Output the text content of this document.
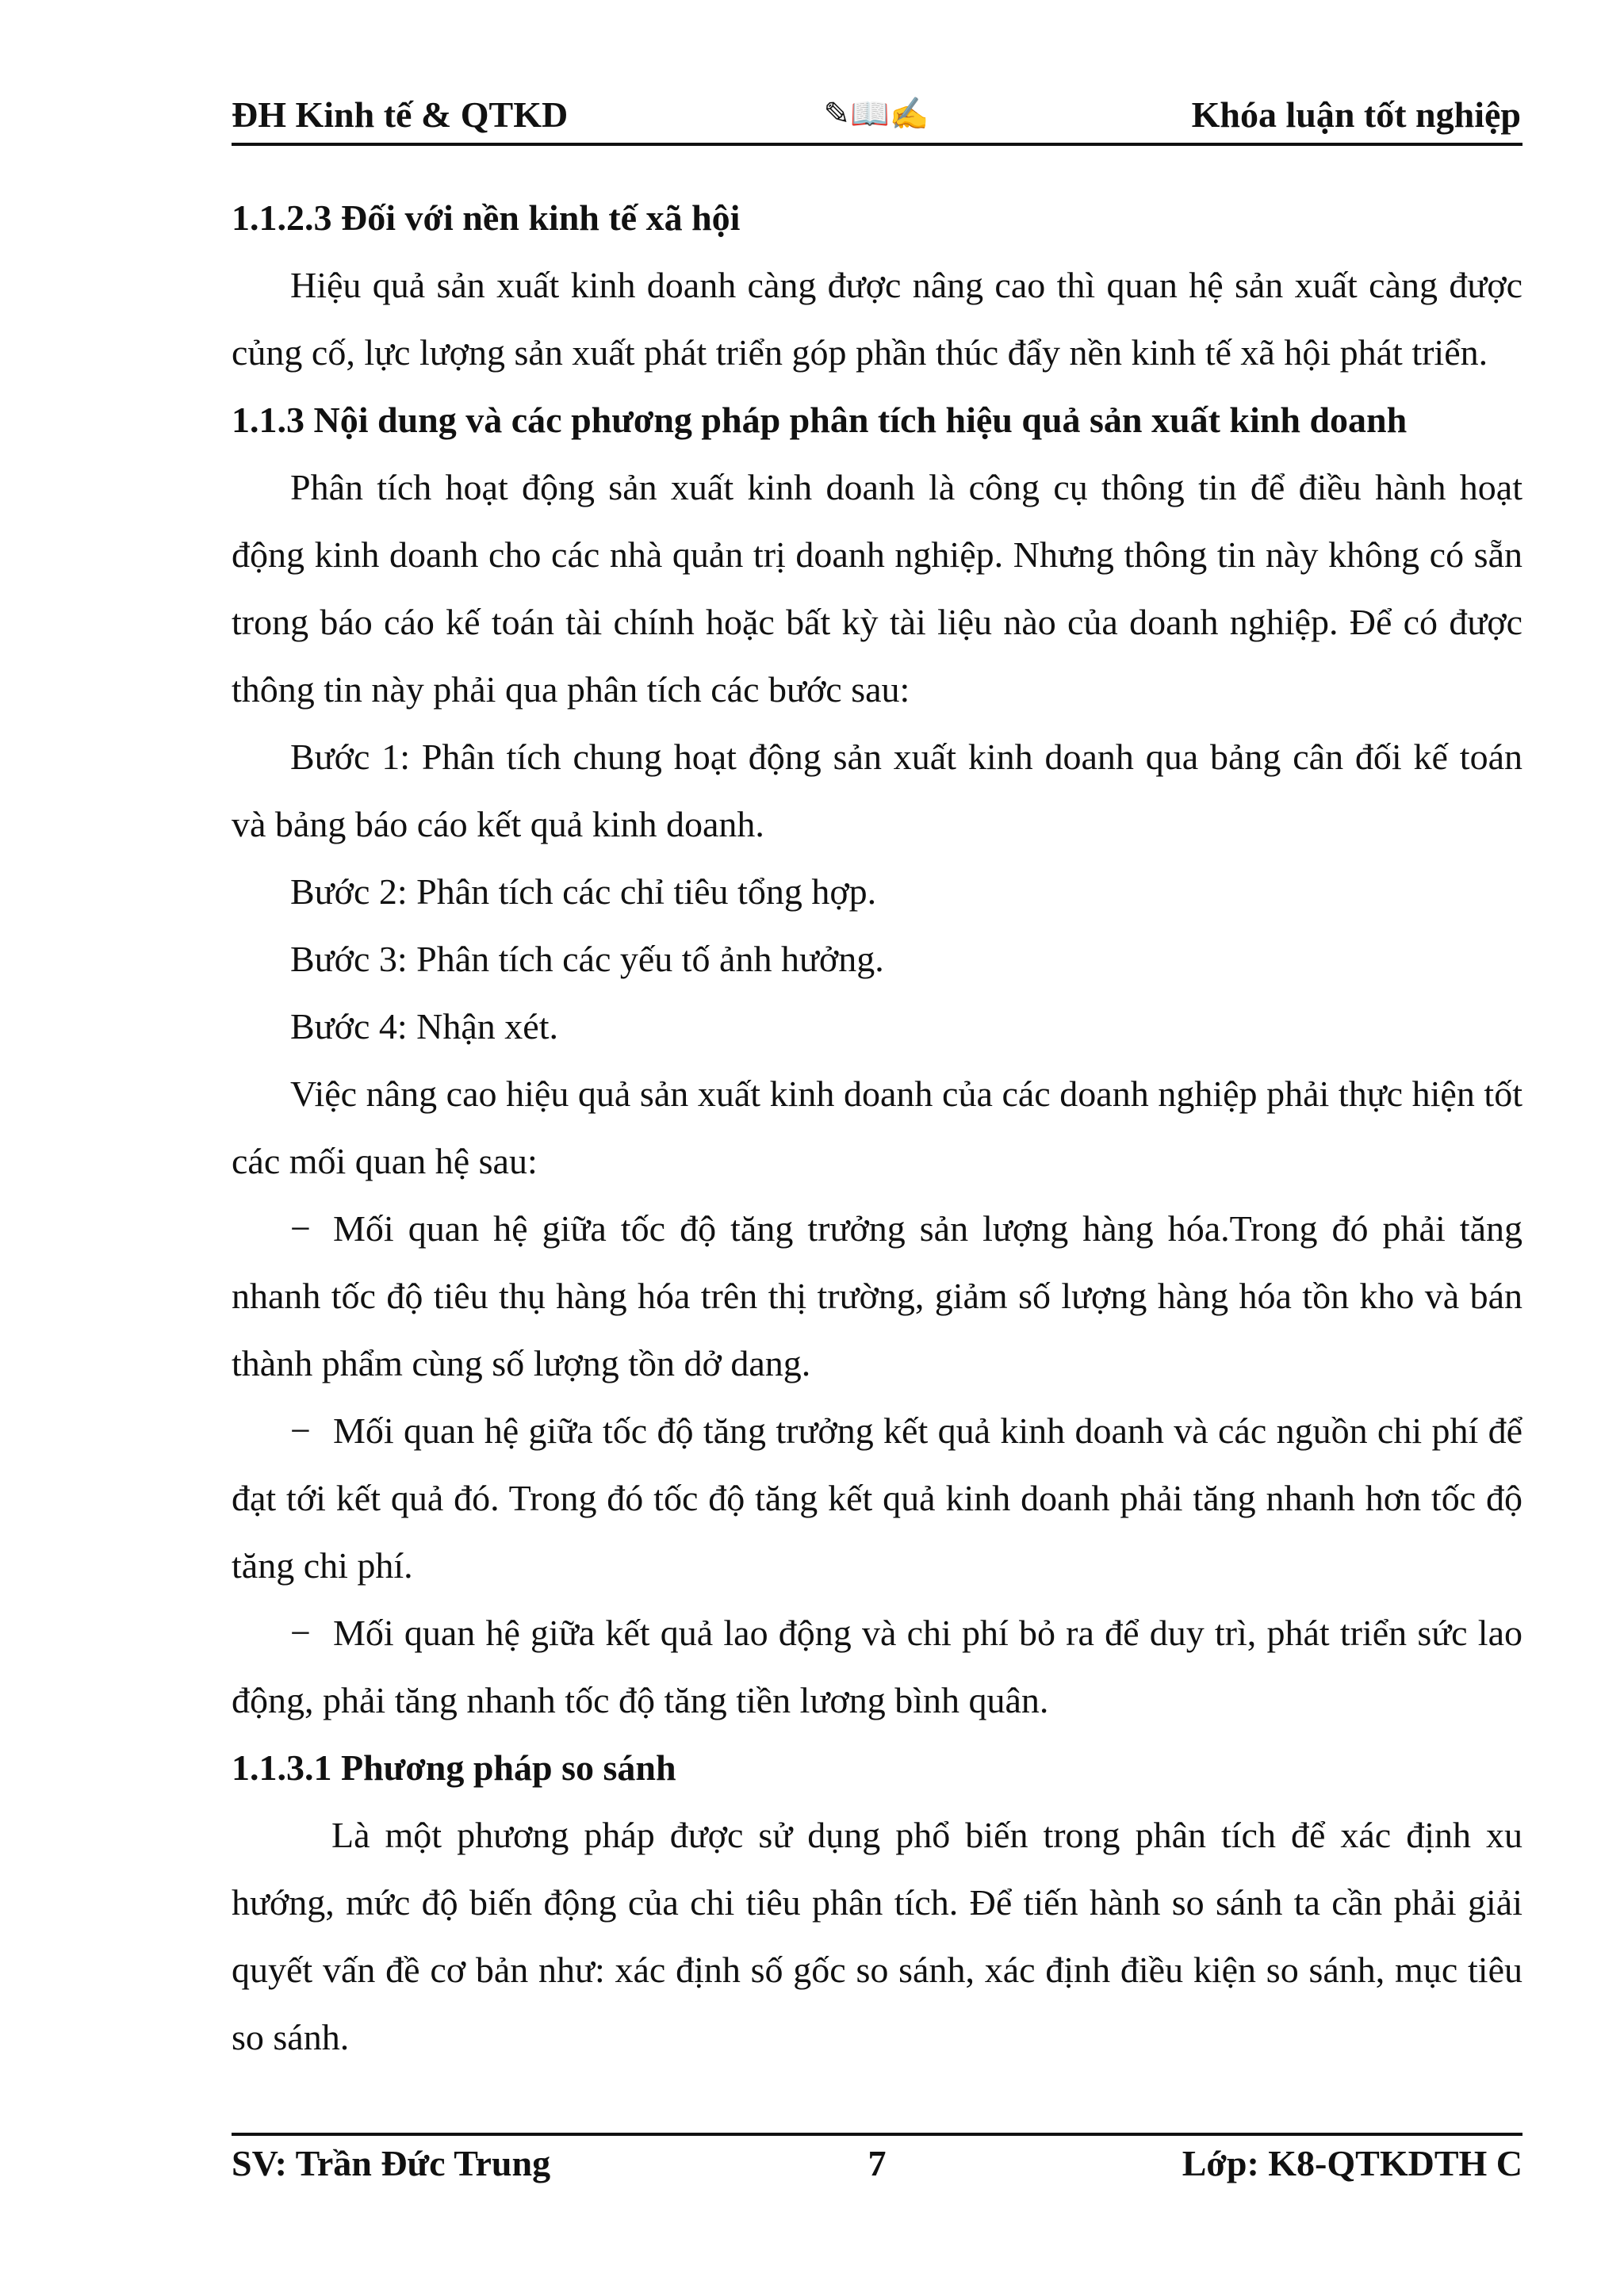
ĐH Kinh tế & QTKD	✎📖✍	Khóa luận tốt nghiệp
1.1.2.3 Đối với nền kinh tế xã hội

Hiệu quả sản xuất kinh doanh càng được nâng cao thì quan hệ sản xuất càng được củng cố, lực lượng sản xuất phát triển góp phần thúc đẩy nền kinh tế xã hội phát triển.

1.1.3 Nội dung và các phương pháp phân tích hiệu quả sản xuất kinh doanh

Phân tích hoạt động sản xuất kinh doanh là công cụ thông tin để điều hành hoạt động kinh doanh cho các nhà quản trị doanh nghiệp. Nhưng thông tin này không có sẵn trong báo cáo kế toán tài chính hoặc bất kỳ tài liệu nào của doanh nghiệp. Để có được thông tin này phải qua phân tích các bước sau:

Bước 1: Phân tích chung hoạt động sản xuất kinh doanh qua bảng cân đối kế toán và bảng báo cáo kết quả kinh doanh.

Bước 2: Phân tích các chỉ tiêu tổng hợp.

Bước 3: Phân tích các yếu tố ảnh hưởng.

Bước 4: Nhận xét.

Việc nâng cao hiệu quả sản xuất kinh doanh của các doanh nghiệp phải thực hiện tốt các mối quan hệ sau:

− Mối quan hệ giữa tốc độ tăng trưởng sản lượng hàng hóa.Trong đó phải tăng nhanh tốc độ tiêu thụ hàng hóa trên thị trường, giảm số lượng hàng hóa tồn kho và bán thành phẩm cùng số lượng tồn dở dang.

− Mối quan hệ giữa tốc độ tăng trưởng kết quả kinh doanh và các nguồn chi phí để đạt tới kết quả đó. Trong đó tốc độ tăng kết quả kinh doanh phải tăng nhanh hơn tốc độ tăng chi phí.

− Mối quan hệ giữa kết quả lao động và chi phí bỏ ra để duy trì, phát triển sức lao động, phải tăng nhanh tốc độ tăng tiền lương bình quân.

1.1.3.1 Phương pháp so sánh

Là một phương pháp được sử dụng phổ biến trong phân tích để xác định xu hướng, mức độ biến động của chi tiêu phân tích. Để tiến hành so sánh ta cần phải giải quyết vấn đề cơ bản như: xác định số gốc so sánh, xác định điều kiện so sánh, mục tiêu so sánh.

SV: Trần Đức Trung	7	Lớp: K8-QTKDTH C
